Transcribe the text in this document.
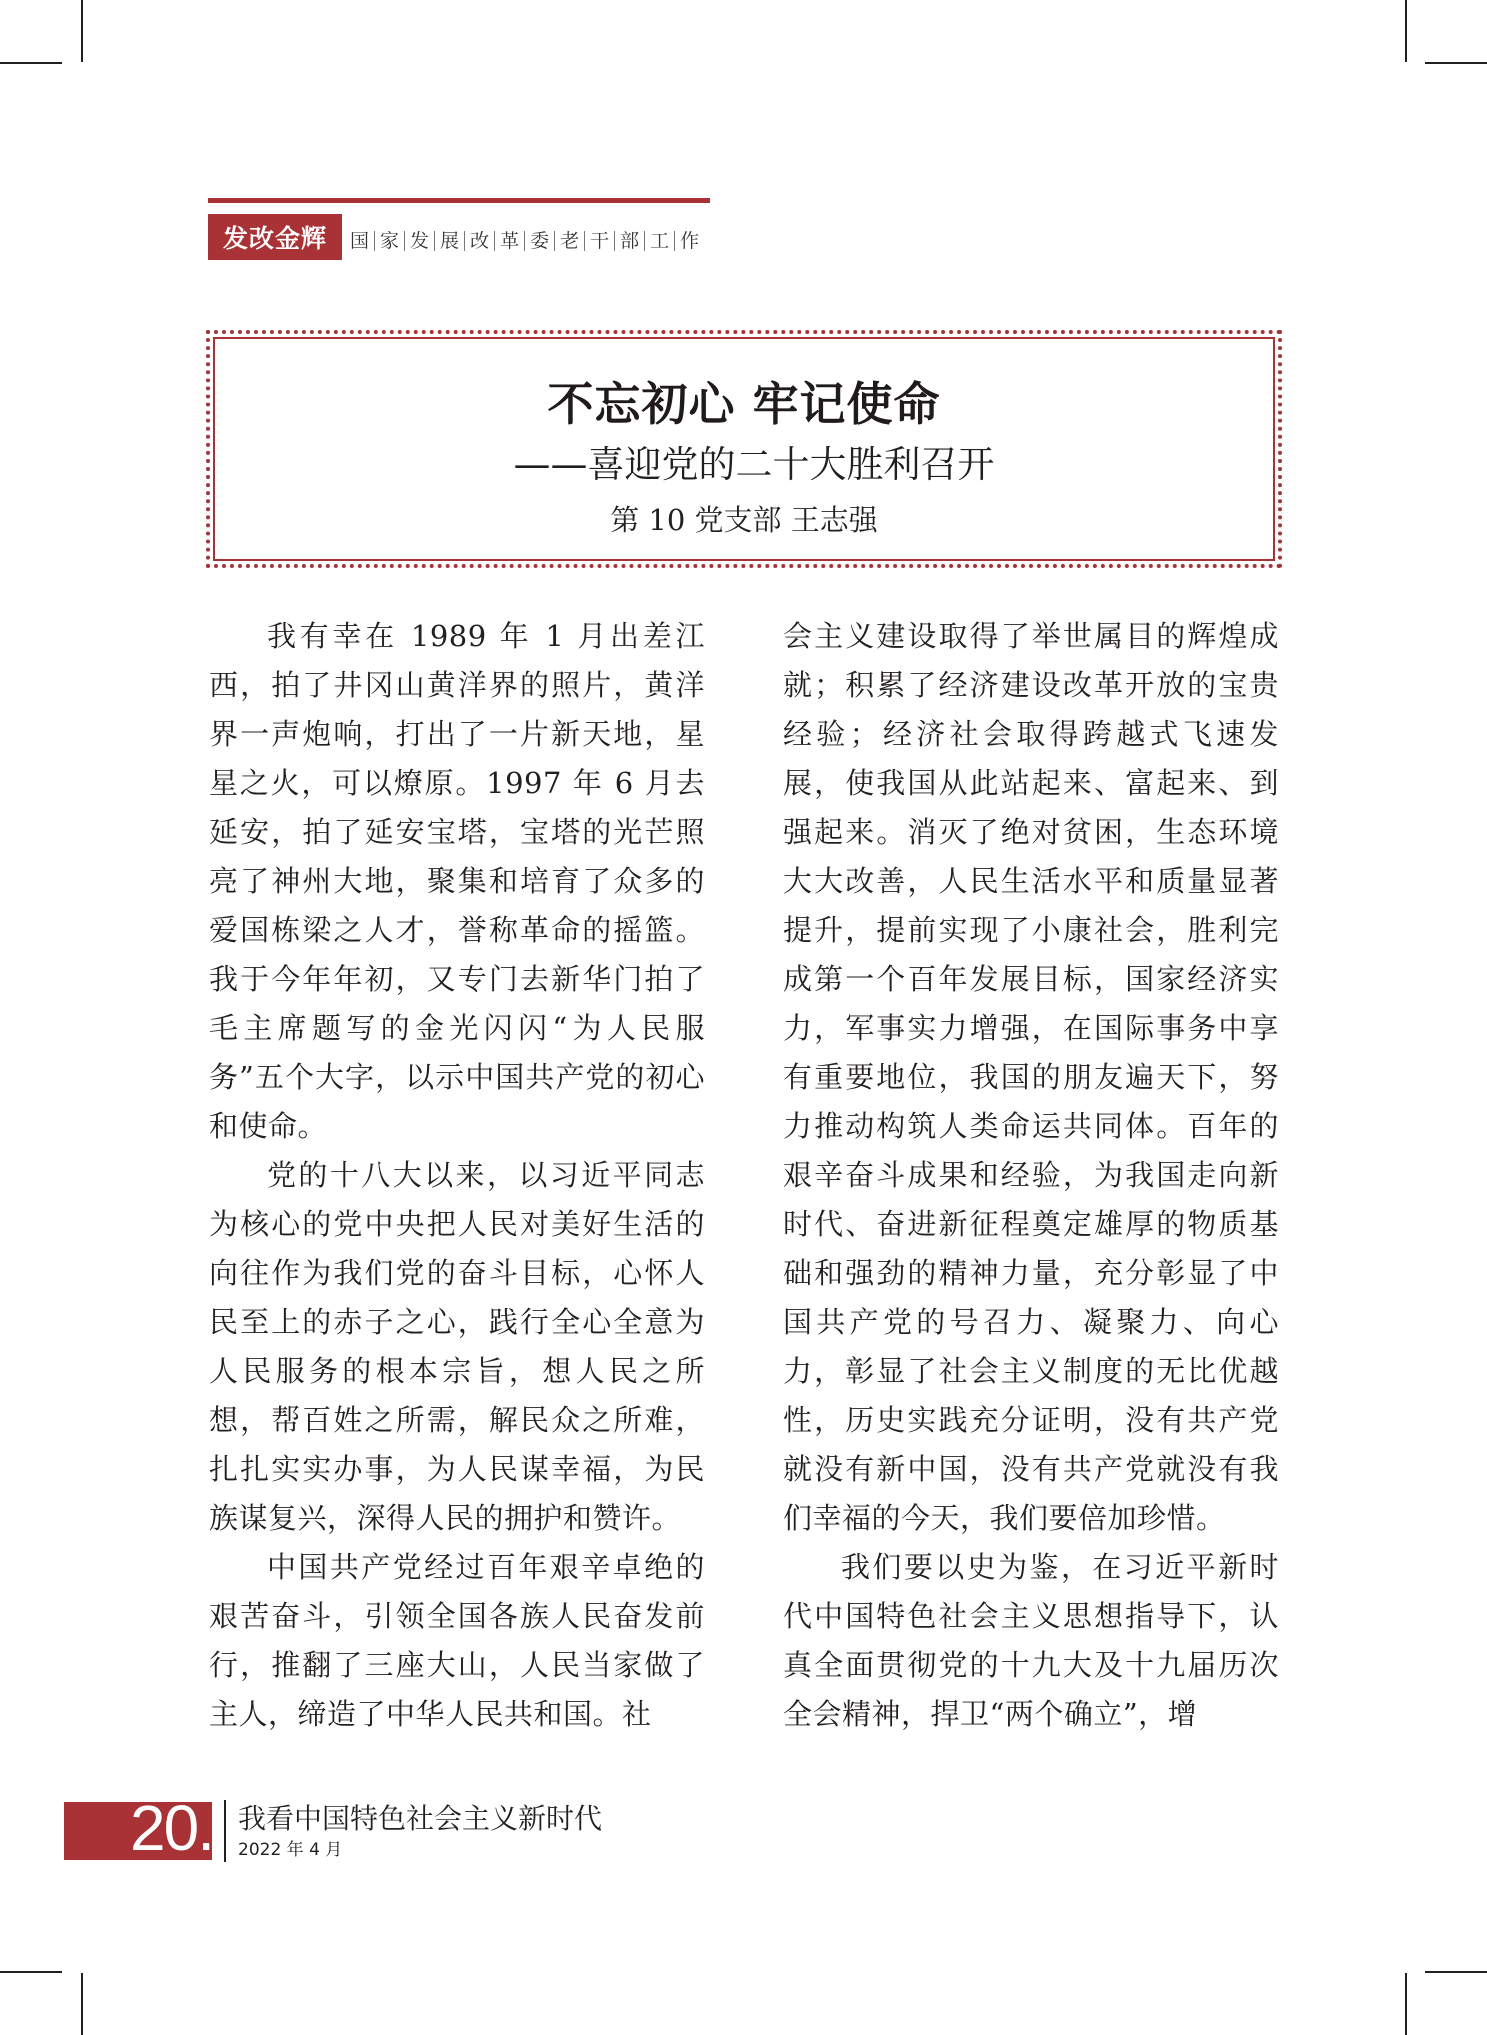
发改金辉	国 家 发 展 改 革 委 老 干 部 工 作
不忘初心 牢记使命
——喜迎党的二十大胜利召开
第 10 党支部 王志强

我有幸在 1989 年 1 月出差江西，拍了井冈山黄洋界的照片，黄洋界一声炮响，打出了一片新天地，星星之火，可以燎原。1997 年 6 月去延安，拍了延安宝塔，宝塔的光芒照亮了神州大地，聚集和培育了众多的爱国栋梁之人才，誉称革命的摇篮。我于今年年初，又专门去新华门拍了毛主席题写的金光闪闪“为人民服务”五个大字，以示中国共产党的初心和使命。

党的十八大以来，以习近平同志为核心的党中央把人民对美好生活的向往作为我们党的奋斗目标，心怀人民至上的赤子之心，践行全心全意为人民服务的根本宗旨，想人民之所想，帮百姓之所需，解民众之所难，扎扎实实办事，为人民谋幸福，为民族谋复兴，深得人民的拥护和赞许。

中国共产党经过百年艰辛卓绝的艰苦奋斗，引领全国各族人民奋发前行，推翻了三座大山，人民当家做了主人，缔造了中华人民共和国。社

会主义建设取得了举世属目的辉煌成就；积累了经济建设改革开放的宝贵经验；经济社会取得跨越式飞速发展，使我国从此站起来、富起来、到强起来。消灭了绝对贫困，生态环境大大改善，人民生活水平和质量显著提升，提前实现了小康社会，胜利完成第一个百年发展目标，国家经济实力，军事实力增强，在国际事务中享有重要地位，我国的朋友遍天下，努力推动构筑人类命运共同体。百年的艰辛奋斗成果和经验，为我国走向新时代、奋进新征程奠定雄厚的物质基础和强劲的精神力量，充分彰显了中国共产党的号召力、凝聚力、向心力，彰显了社会主义制度的无比优越性，历史实践充分证明，没有共产党就没有新中国，没有共产党就没有我们幸福的今天，我们要倍加珍惜。

我们要以史为鉴，在习近平新时代中国特色社会主义思想指导下，认真全面贯彻党的十九大及十九届历次全会精神，捍卫“两个确立”，增

20. 我看中国特色社会主义新时代
2022 年 4 月
